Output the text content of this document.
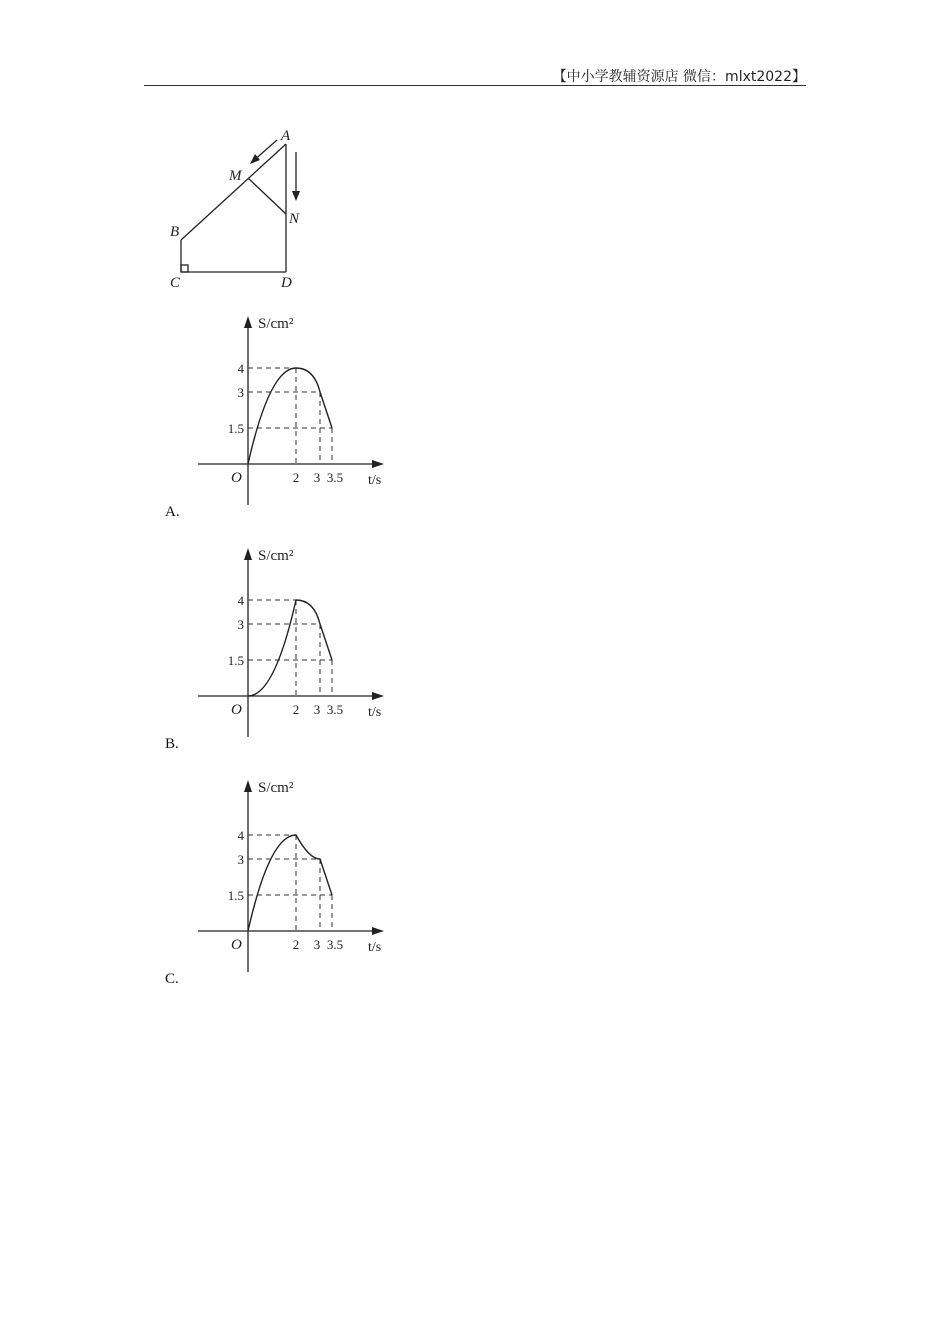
【中小学教辅资源店 微信：mlxt2022】
A
M
N
B
C	D
S/cm²
t/s
O
4
3
1.5
2 3 3.5
S/cm²
t/s
O
4
3
1.5
2 3 3.5
S/cm²
t/s
O
4
3
1.5
2 3 3.5
A.
B.
C.
